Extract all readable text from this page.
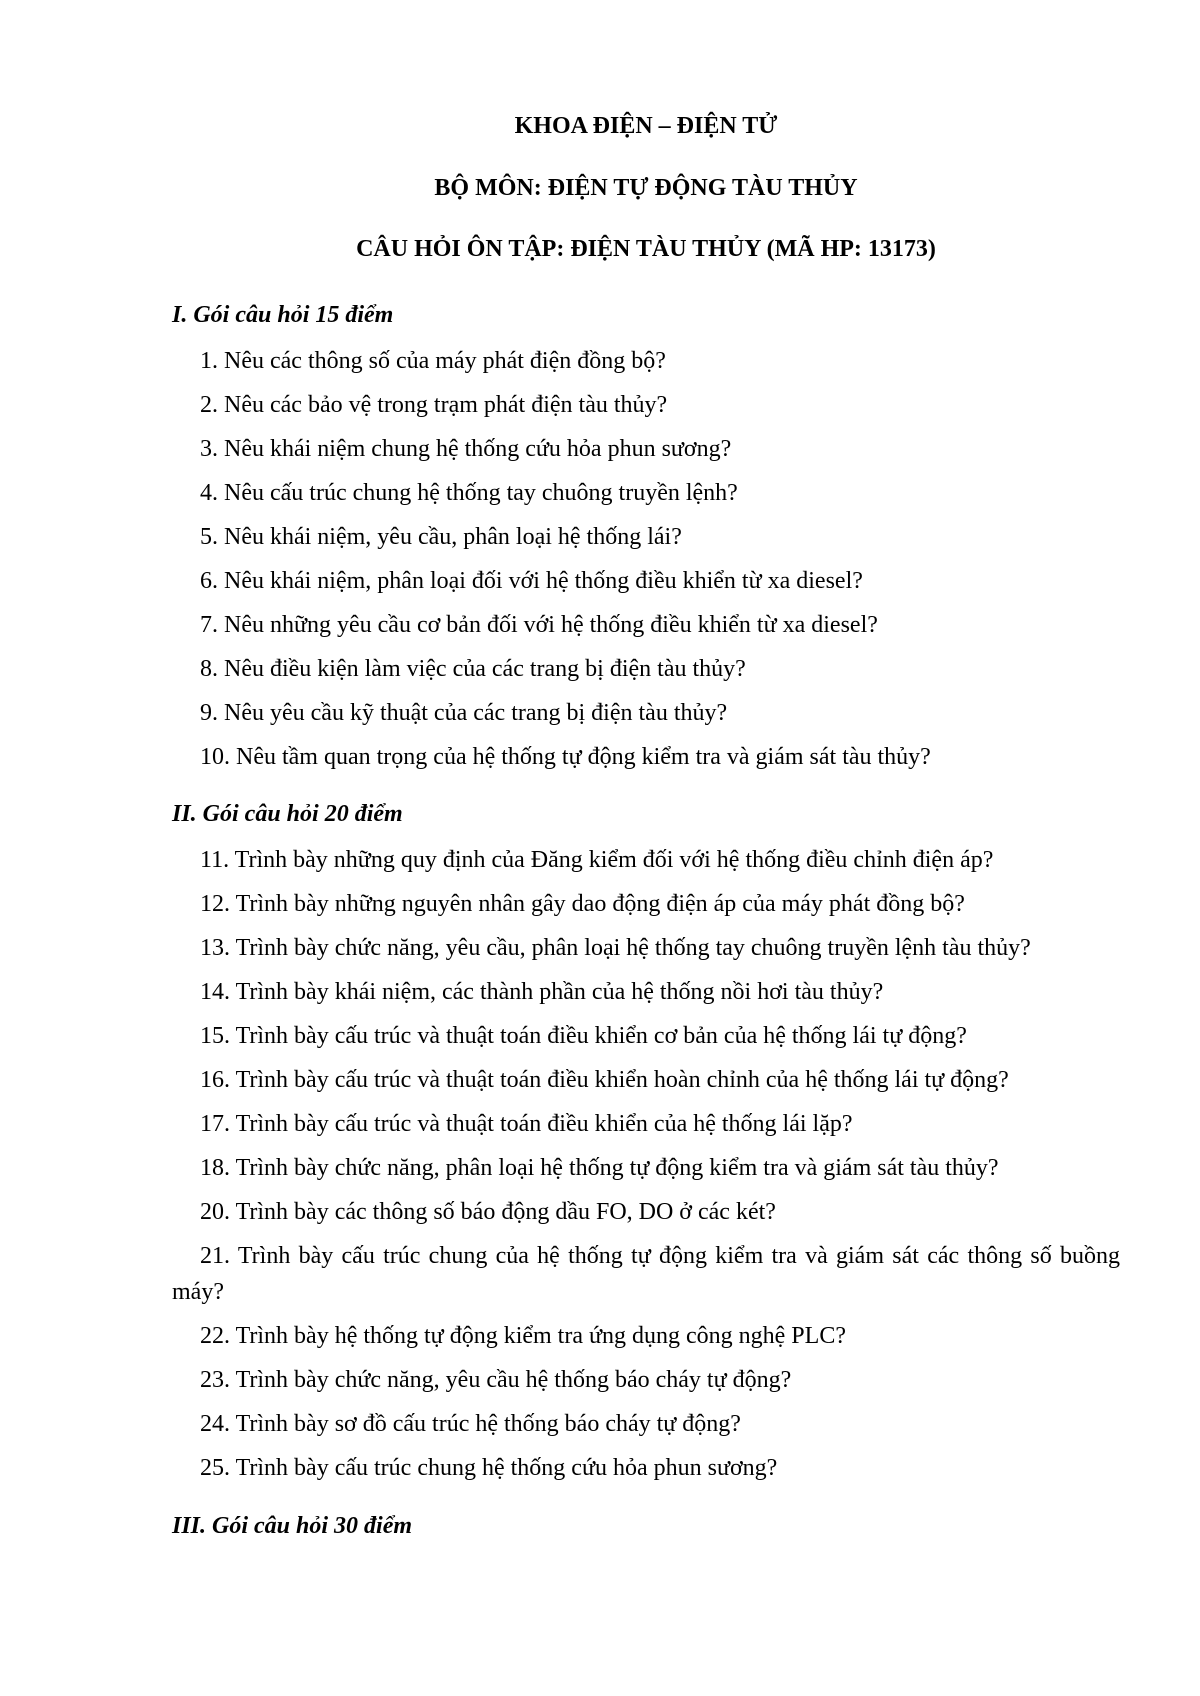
KHOA ĐIỆN – ĐIỆN TỬ

BỘ MÔN: ĐIỆN TỰ ĐỘNG TÀU THỦY

CÂU HỎI ÔN TẬP: ĐIỆN TÀU THỦY (MÃ HP: 13173)

I. Gói câu hỏi 15 điểm

1. Nêu các thông số của máy phát điện đồng bộ?
2. Nêu các bảo vệ trong trạm phát điện tàu thủy?
3. Nêu khái niệm chung hệ thống cứu hỏa phun sương?
4. Nêu cấu trúc chung hệ thống tay chuông truyền lệnh?
5. Nêu khái niệm, yêu cầu, phân loại hệ thống lái?
6. Nêu khái niệm, phân loại đối với hệ thống điều khiển từ xa diesel?
7. Nêu những yêu cầu cơ bản đối với hệ thống điều khiển từ xa diesel?
8. Nêu điều kiện làm việc của các trang bị điện tàu thủy?
9. Nêu yêu cầu kỹ thuật của các trang bị điện tàu thủy?
10. Nêu tầm quan trọng của hệ thống tự động kiểm tra và giám sát tàu thủy?

II. Gói câu hỏi 20 điểm

11. Trình bày những quy định của Đăng kiểm đối với hệ thống điều chỉnh điện áp?
12. Trình bày những nguyên nhân gây dao động điện áp của máy phát đồng bộ?
13. Trình bày chức năng, yêu cầu, phân loại hệ thống tay chuông truyền lệnh tàu thủy?
14. Trình bày khái niệm, các thành phần của hệ thống nồi hơi tàu thủy?
15. Trình bày cấu trúc và thuật toán điều khiển cơ bản của hệ thống lái tự động?
16. Trình bày cấu trúc và thuật toán điều khiển hoàn chỉnh của hệ thống lái tự động?
17. Trình bày cấu trúc và thuật toán điều khiển của hệ thống lái lặp?
18. Trình bày chức năng, phân loại hệ thống tự động kiểm tra và giám sát tàu thủy?
20. Trình bày các thông số báo động dầu FO, DO ở các két?
21. Trình bày cấu trúc chung của hệ thống tự động kiểm tra và giám sát các thông số buồng máy?
22. Trình bày hệ thống tự động kiểm tra ứng dụng công nghệ PLC?
23. Trình bày chức năng, yêu cầu hệ thống báo cháy tự động?
24. Trình bày sơ đồ cấu trúc hệ thống báo cháy tự động?
25. Trình bày cấu trúc chung hệ thống cứu hỏa phun sương?

III. Gói câu hỏi 30 điểm
